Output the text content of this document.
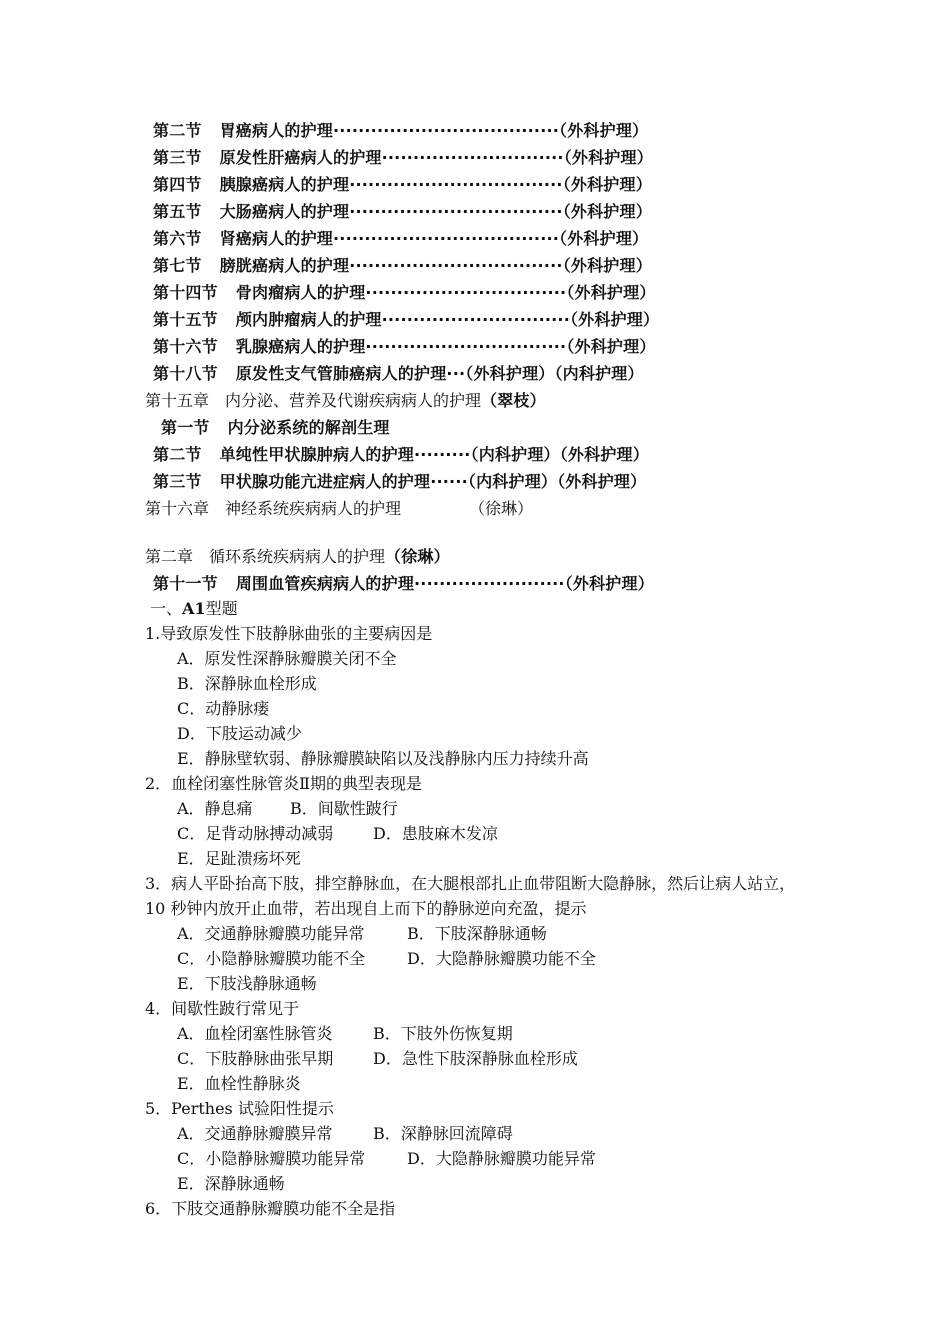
第二节 胃癌病人的护理····································（外科护理）
第三节 原发性肝癌病人的护理·····························（外科护理）
第四节 胰腺癌病人的护理··································（外科护理）
第五节 大肠癌病人的护理··································（外科护理）
第六节 肾癌病人的护理····································（外科护理）
第七节 膀胱癌病人的护理··································（外科护理）
第十四节 骨肉瘤病人的护理································（外科护理）
第十五节 颅内肿瘤病人的护理······························（外科护理）
第十六节 乳腺癌病人的护理································（外科护理）
第十八节 原发性支气管肺癌病人的护理···（外科护理）（内科护理）
第十五章 内分泌、营养及代谢疾病病人的护理（翠枝）
第一节 内分泌系统的解剖生理
第二节 单纯性甲状腺肿病人的护理·········（内科护理）（外科护理）
第三节 甲状腺功能亢进症病人的护理······（内科护理）（外科护理）
第十六章 神经系统疾病病人的护理	（徐琳）
第二章 循环系统疾病病人的护理（徐琳）
第十一节 周围血管疾病病人的护理························（外科护理）
一、A1型题
1.导致原发性下肢静脉曲张的主要病因是
A．原发性深静脉瓣膜关闭不全
B．深静脉血栓形成
C．动静脉瘘
D．下肢运动减少
E．静脉壁软弱、静脉瓣膜缺陷以及浅静脉内压力持续升高
2．血栓闭塞性脉管炎Ⅱ期的典型表现是
A．静息痛 B．间歇性跛行
C．足背动脉搏动减弱 D．患肢麻木发凉
E．足趾溃疡坏死
3．病人平卧抬高下肢，排空静脉血，在大腿根部扎止血带阻断大隐静脉，然后让病人站立，
10 秒钟内放开止血带，若出现自上而下的静脉逆向充盈，提示
A．交通静脉瓣膜功能异常	B．下肢深静脉通畅
C．小隐静脉瓣膜功能不全	D．大隐静脉瓣膜功能不全
E．下肢浅静脉通畅
4．间歇性跛行常见于
A．血栓闭塞性脉管炎	B．下肢外伤恢复期
C．下肢静脉曲张早期 D．急性下肢深静脉血栓形成
E．血栓性静脉炎
5．Perthes 试验阳性提示
A．交通静脉瓣膜异常	B．深静脉回流障碍
C．小隐静脉瓣膜功能异常	D．大隐静脉瓣膜功能异常
E．深静脉通畅
6．下肢交通静脉瓣膜功能不全是指
